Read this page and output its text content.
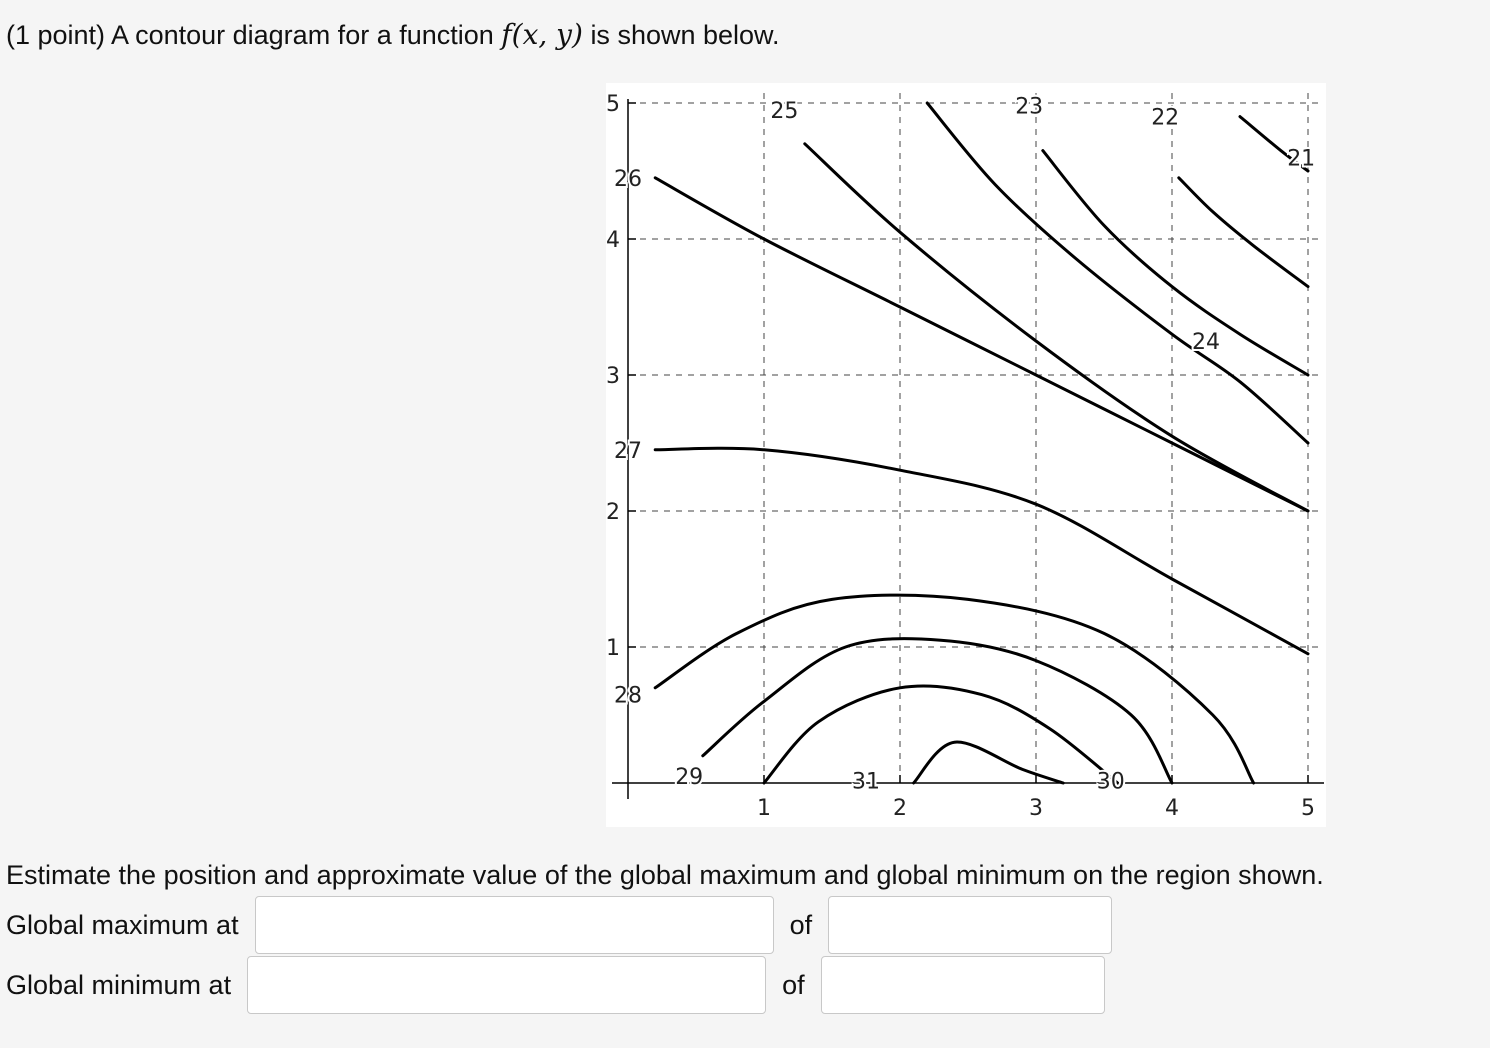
(1 point) A contour diagram for a function f(x, y) is shown below.
25	23	22
21
26
24
27
28
29	31	30
1	2	3	4	5
1
2
3
4
5
Estimate the position and approximate value of the global maximum and global minimum on the region shown.
Global maximum at	of
Global minimum at	of
